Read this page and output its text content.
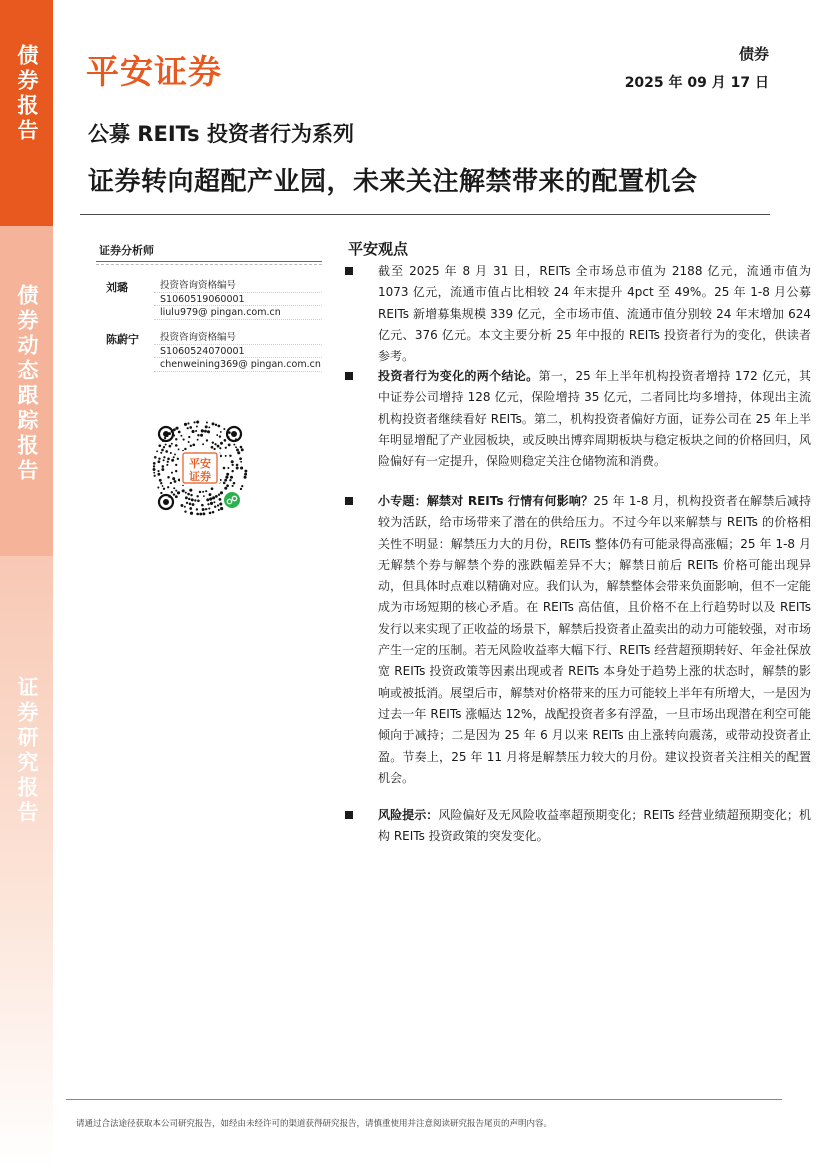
债券报告
债券动态跟踪报告
证券研究报告
平安证券	债券
2025 年 09 月 17 日
公募 REITs 投资者行为系列
证券转向超配产业园，未来关注解禁带来的配置机会
证券分析师
刘璐	投资咨询资格编号
S1060519060001
liulu979@ pingan.com.cn
陈蔚宁	投资咨询资格编号
S1060524070001
chenweining369@ pingan.com.cn
平安
证券
平安观点
截至 2025 年 8 月 31 日，REITs 全市场总市值为 2188 亿元，流通市值为 1073 亿元，流通市值占比相较 24 年末提升 4pct 至 49%。25 年 1-8 月公募 REITs 新增募集规模 339 亿元，全市场市值、流通市值分别较 24 年末增加 624 亿元、376 亿元。本文主要分析 25 年中报的 REITs 投资者行为的变化，供读者参考。
投资者行为变化的两个结论。第一，25 年上半年机构投资者增持 172 亿元，其中证券公司增持 128 亿元，保险增持 35 亿元，二者同比均多增持，体现出主流机构投资者继续看好 REITs。第二，机构投资者偏好方面，证券公司在 25 年上半年明显增配了产业园板块，或反映出博弈周期板块与稳定板块之间的价格回归，风险偏好有一定提升，保险则稳定关注仓储物流和消费。
小专题：解禁对 REITs 行情有何影响？25 年 1-8 月，机构投资者在解禁后减持较为活跃，给市场带来了潜在的供给压力。不过今年以来解禁与 REITs 的价格相关性不明显：解禁压力大的月份，REITs 整体仍有可能录得高涨幅；25 年 1-8 月无解禁个券与解禁个券的涨跌幅差异不大；解禁日前后 REITs 价格可能出现异动，但具体时点难以精确对应。我们认为，解禁整体会带来负面影响，但不一定能成为市场短期的核心矛盾。在 REITs 高估值，且价格不在上行趋势时以及 REITs 发行以来实现了正收益的场景下，解禁后投资者止盈卖出的动力可能较强，对市场产生一定的压制。若无风险收益率大幅下行、REITs 经营超预期转好、年金社保放宽 REITs 投资政策等因素出现或者 REITs 本身处于趋势上涨的状态时，解禁的影响或被抵消。展望后市，解禁对价格带来的压力可能较上半年有所增大，一是因为过去一年 REITs 涨幅达 12%，战配投资者多有浮盈，一旦市场出现潜在利空可能倾向于减持；二是因为 25 年 6 月以来 REITs 由上涨转向震荡，或带动投资者止盈。节奏上，25 年 11 月将是解禁压力较大的月份。建议投资者关注相关的配置机会。
风险提示：风险偏好及无风险收益率超预期变化；REITs 经营业绩超预期变化；机构 REITs 投资政策的突发变化。
请通过合法途径获取本公司研究报告，如经由未经许可的渠道获得研究报告，请慎重使用并注意阅读研究报告尾页的声明内容。
